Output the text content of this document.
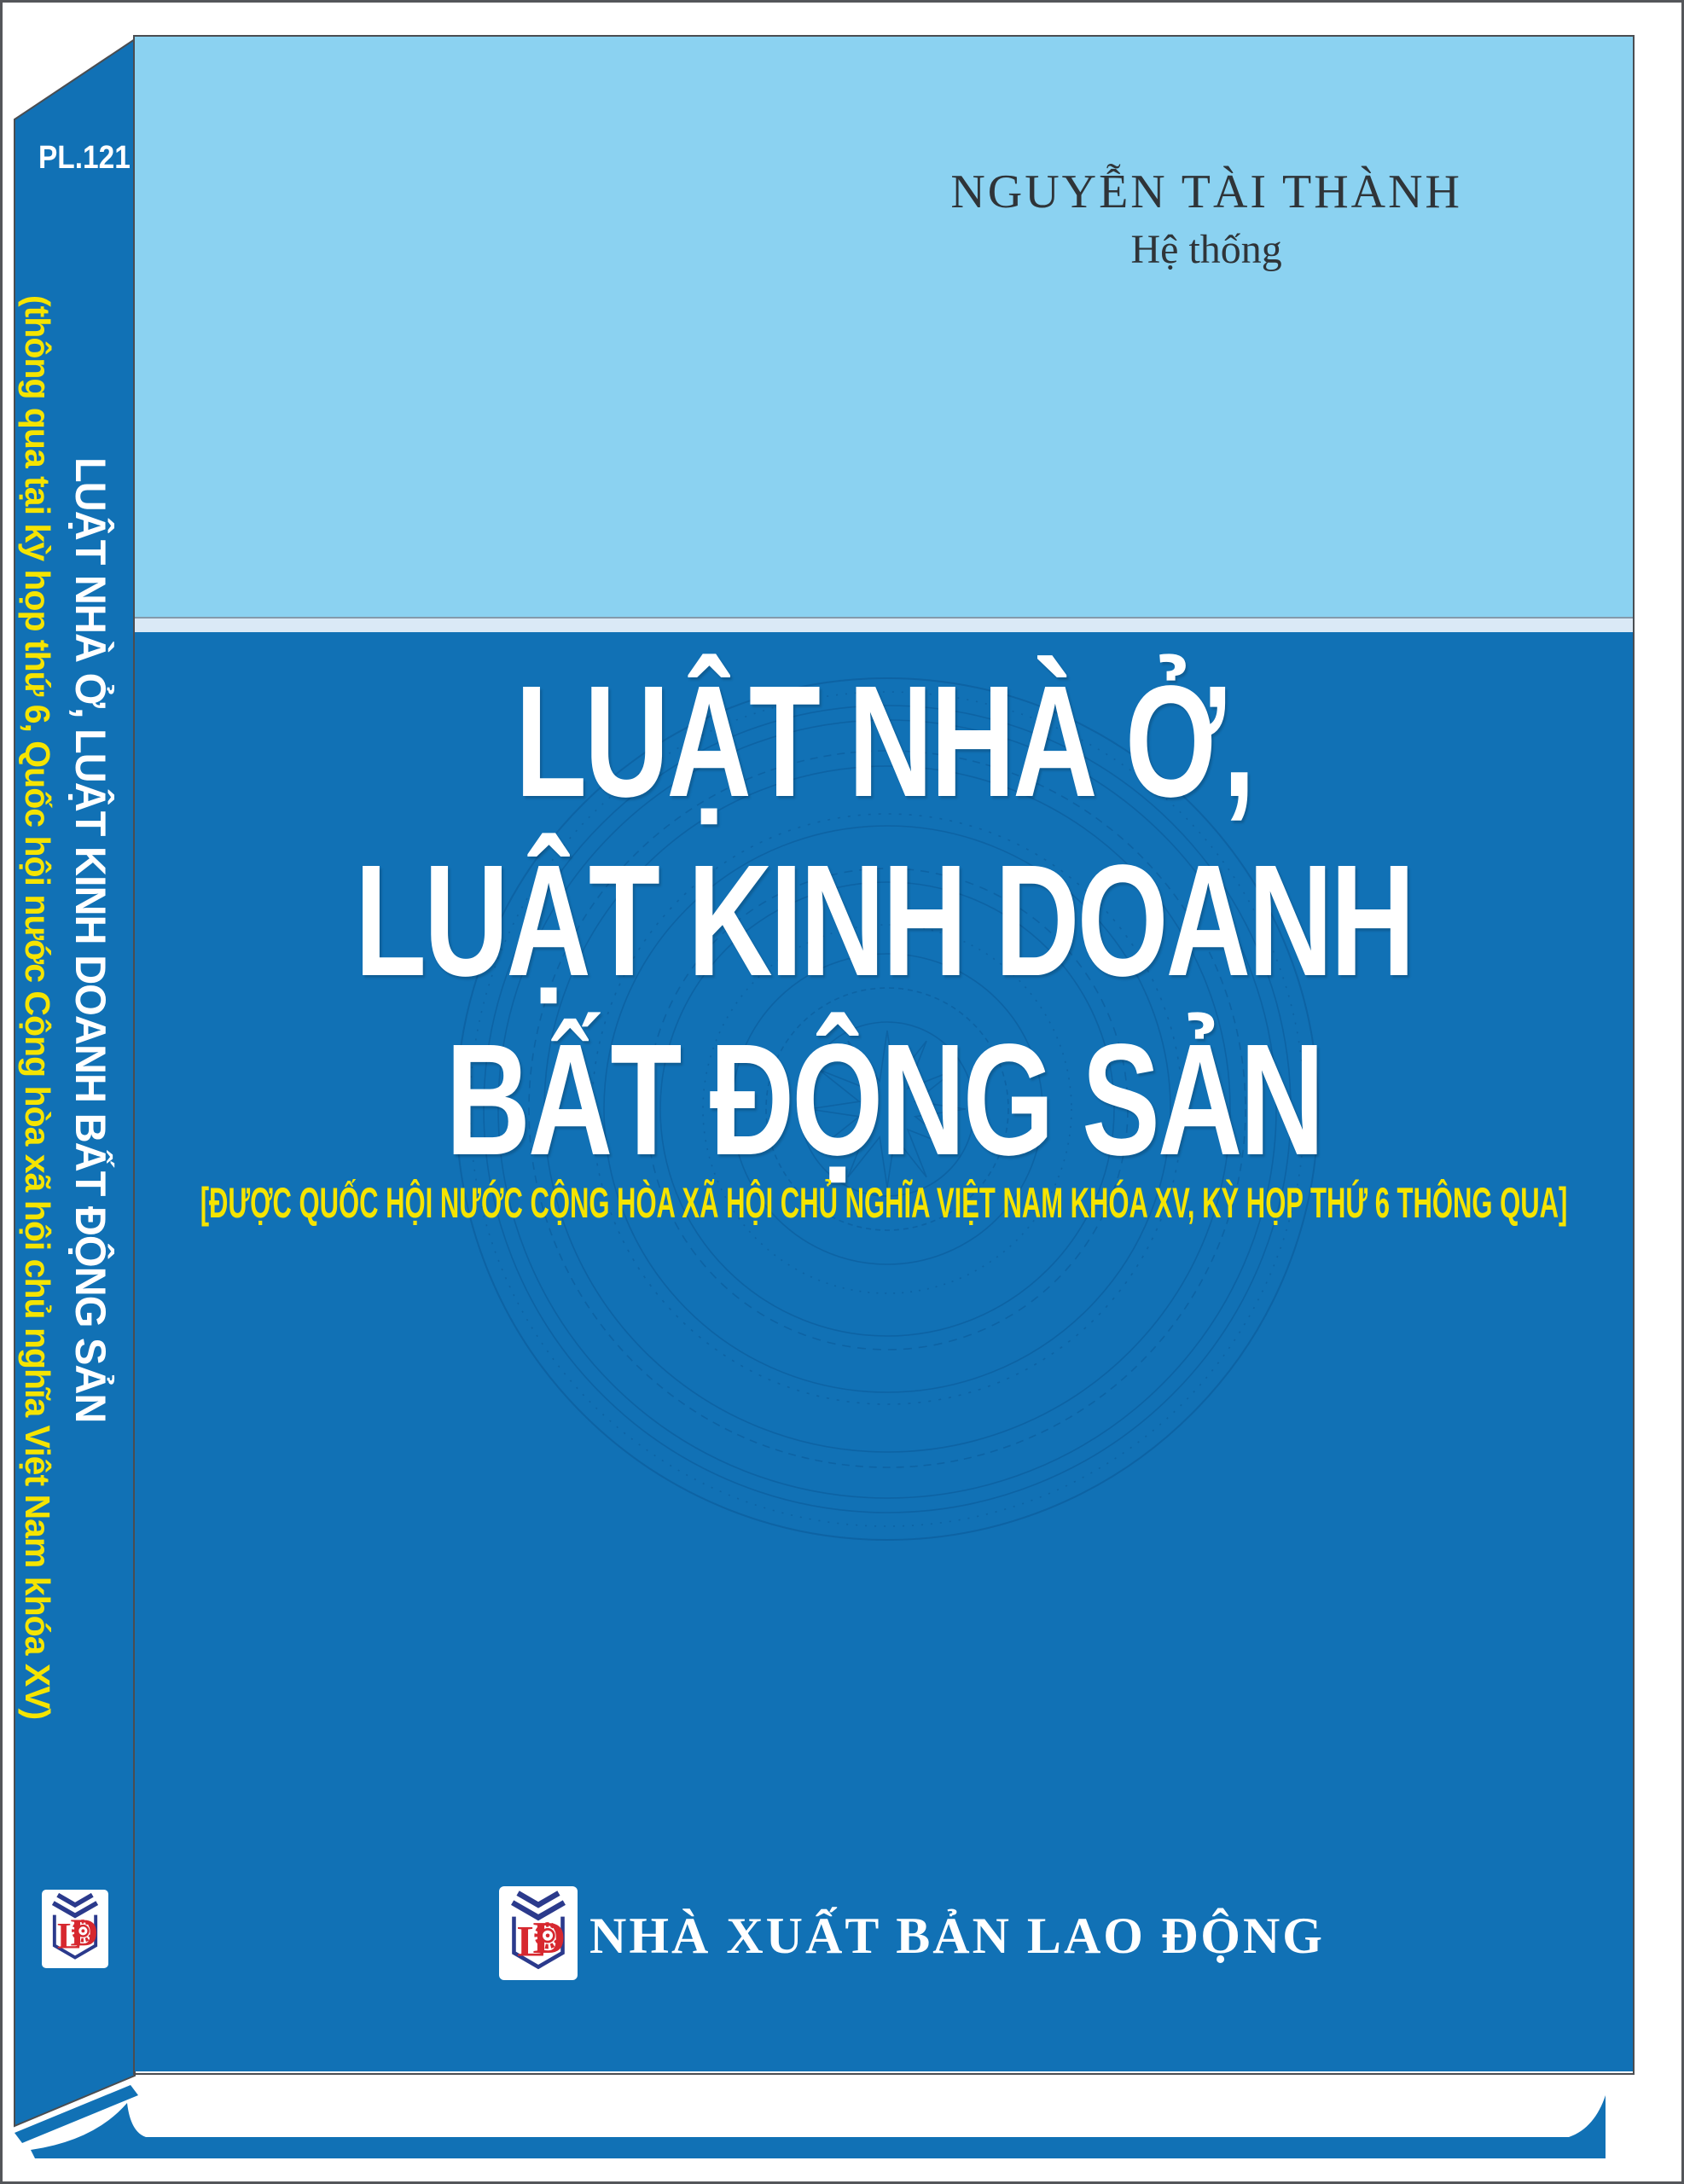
PL.121
(thông qua tại kỳ họp thứ 6, Quốc hội nước Cộng hòa xã hội chủ nghĩa Việt Nam khóa XV) LUẬT NHÀ Ở, LUẬT KINH DOANH BẤT ĐỘNG SẢN
NGUYỄN TÀI THÀNH
Hệ thống
LUẬT NHÀ Ở,
LUẬT KINH DOANH
BẤT ĐỘNG SẢN
[ĐƯỢC QUỐC HỘI NƯỚC CỘNG HÒA XÃ HỘI CHỦ NGHĨA VIỆT NAM KHÓA XV, KỲ HỌP THỨ 6 THÔNG QUA]
NHÀ XUẤT BẢN LAO ĐỘNG
